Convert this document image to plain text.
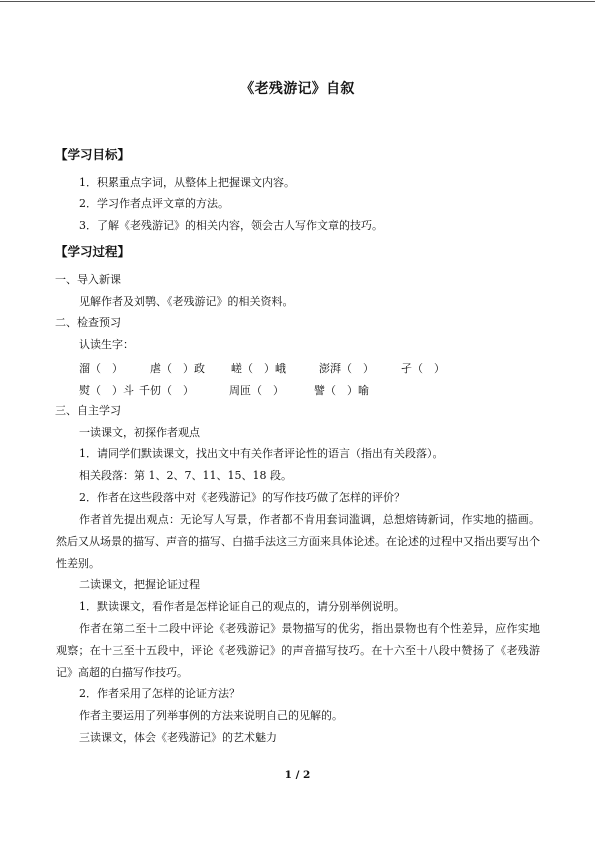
《老残游记》自叙
【学习目标】
1．积累重点字词，从整体上把握课文内容。
2．学习作者点评文章的方法。
3．了解《老残游记》的相关内容，领会古人写作文章的技巧。
【学习过程】
一、导入新课
见解作者及刘鹗、《老残游记》的相关资料。
二、检查预习
认读生字：
溜（　） 虐（　）政 嵯（　）峨	澎湃（　） 孑（　）
熨（　）斗 千仞（　）	周匝（　）	譬（　）喻
三、自主学习
一读课文，初探作者观点
1．请同学们默读课文，找出文中有关作者评论性的语言（指出有关段落）。
相关段落：第 1、2、7、11、15、18 段。
2．作者在这些段落中对《老残游记》的写作技巧做了怎样的评价？
作者首先提出观点：无论写人写景，作者都不肯用套词滥调，总想熔铸新词，作实地的描画。然后又从场景的描写、声音的描写、白描手法这三方面来具体论述。在论述的过程中又指出要写出个性差别。
二读课文，把握论证过程
1．默读课文，看作者是怎样论证自己的观点的，请分别举例说明。
作者在第二至十二段中评论《老残游记》景物描写的优劣，指出景物也有个性差异，应作实地观察；在十三至十五段中，评论《老残游记》的声音描写技巧。在十六至十八段中赞扬了《老残游记》高超的白描写作技巧。
2．作者采用了怎样的论证方法？
作者主要运用了列举事例的方法来说明自己的见解的。
三读课文，体会《老残游记》的艺术魅力
1 / 2
